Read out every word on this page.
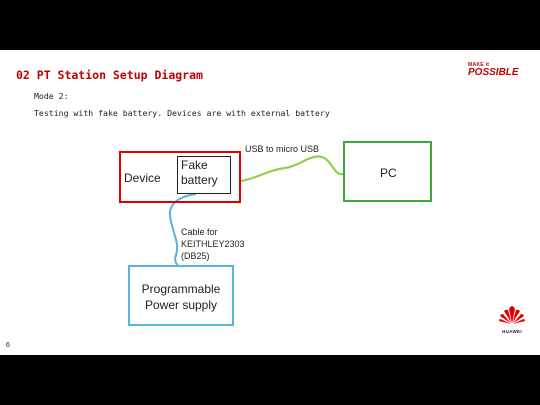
02 PT Station Setup Diagram
Mode 2:
Testing with fake battery. Devices are with external battery
MAKE it
POSSIBLE
Device
Fake battery	PC
Programmable
Power supply
USB to micro USB
Cable for
KEITHLEY2303
(DB25)
6
HUAWEI
